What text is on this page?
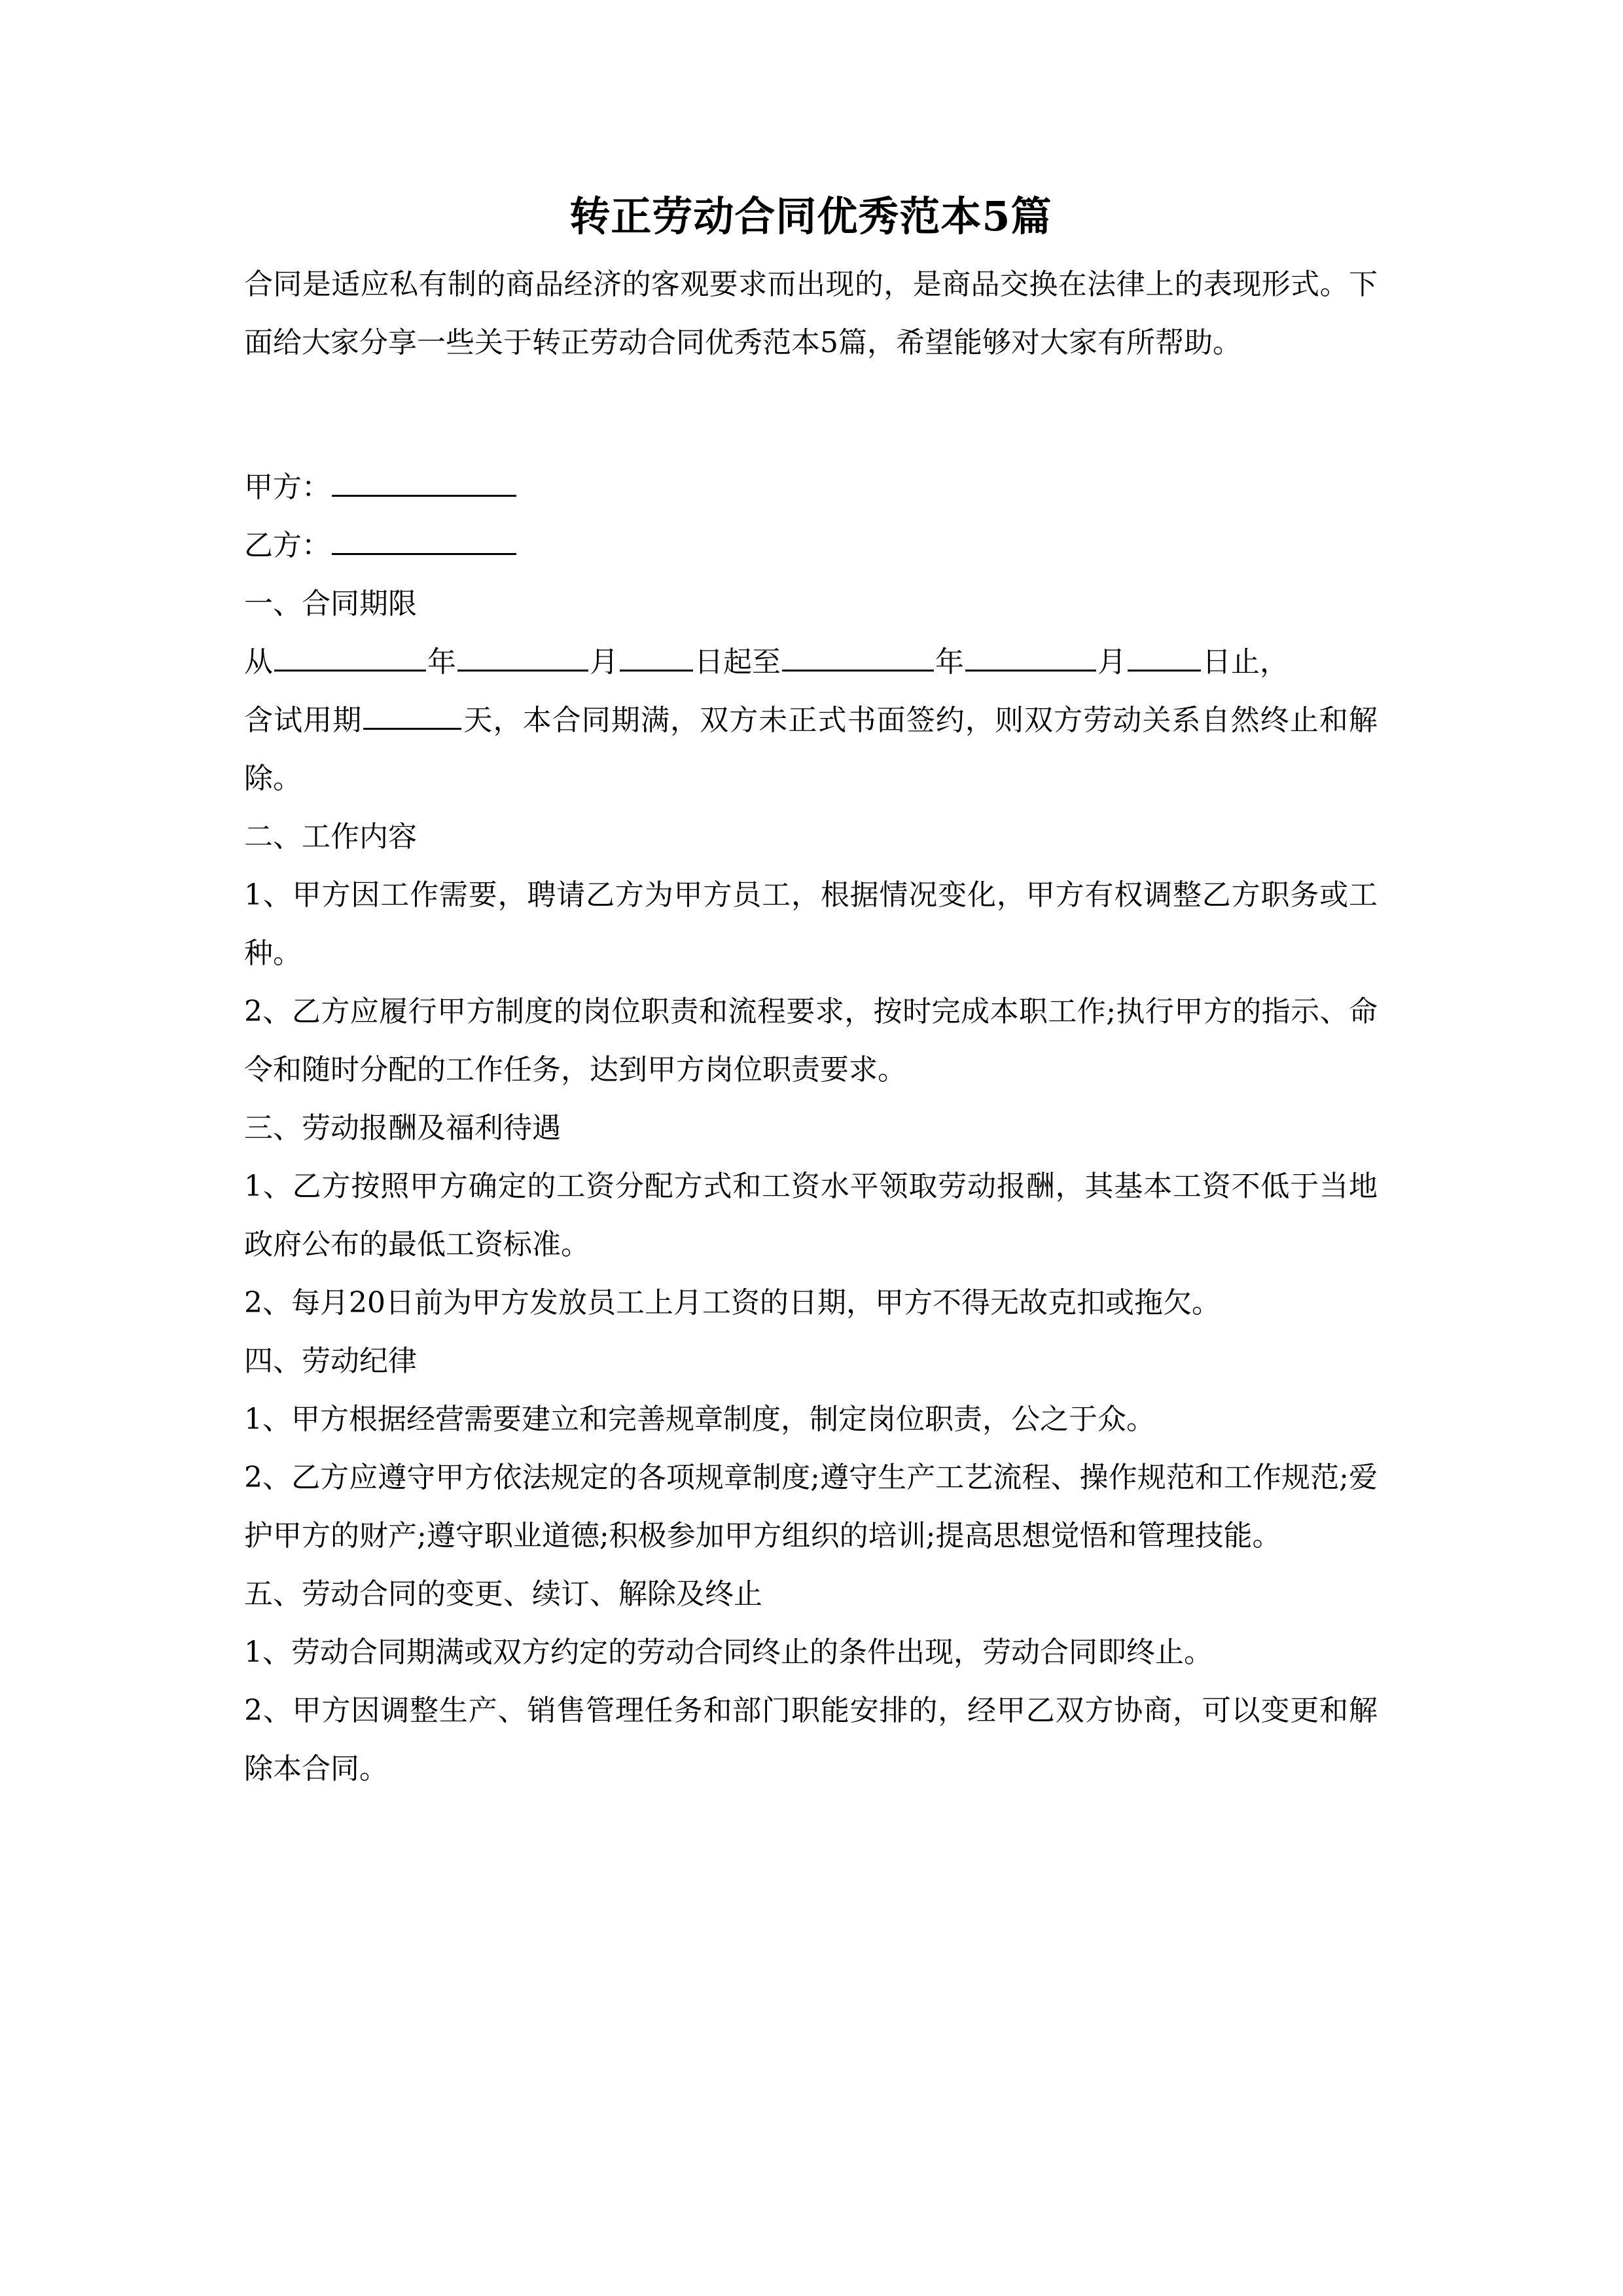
转正劳动合同优秀范本5篇

合同是适应私有制的商品经济的客观要求而出现的，是商品交换在法律上的表现形式。下面给大家分享一些关于转正劳动合同优秀范本5篇，希望能够对大家有所帮助。

甲方：
乙方：

一、合同期限

从	年	月	日起至	年	月	日止，

含试用期	天，本合同期满，双方未正式书面签约，则双方劳动关系自然终止和解除。

二、工作内容

1、甲方因工作需要，聘请乙方为甲方员工，根据情况变化，甲方有权调整乙方职务或工种。

2、乙方应履行甲方制度的岗位职责和流程要求，按时完成本职工作;执行甲方的指示、命令和随时分配的工作任务，达到甲方岗位职责要求。

三、劳动报酬及福利待遇

1、乙方按照甲方确定的工资分配方式和工资水平领取劳动报酬，其基本工资不低于当地政府公布的最低工资标准。

2、每月20日前为甲方发放员工上月工资的日期，甲方不得无故克扣或拖欠。

四、劳动纪律

1、甲方根据经营需要建立和完善规章制度，制定岗位职责，公之于众。

2、乙方应遵守甲方依法规定的各项规章制度;遵守生产工艺流程、操作规范和工作规范;爱护甲方的财产;遵守职业道德;积极参加甲方组织的培训;提高思想觉悟和管理技能。

五、劳动合同的变更、续订、解除及终止

1、劳动合同期满或双方约定的劳动合同终止的条件出现，劳动合同即终止。

2、甲方因调整生产、销售管理任务和部门职能安排的，经甲乙双方协商，可以变更和解除本合同。
